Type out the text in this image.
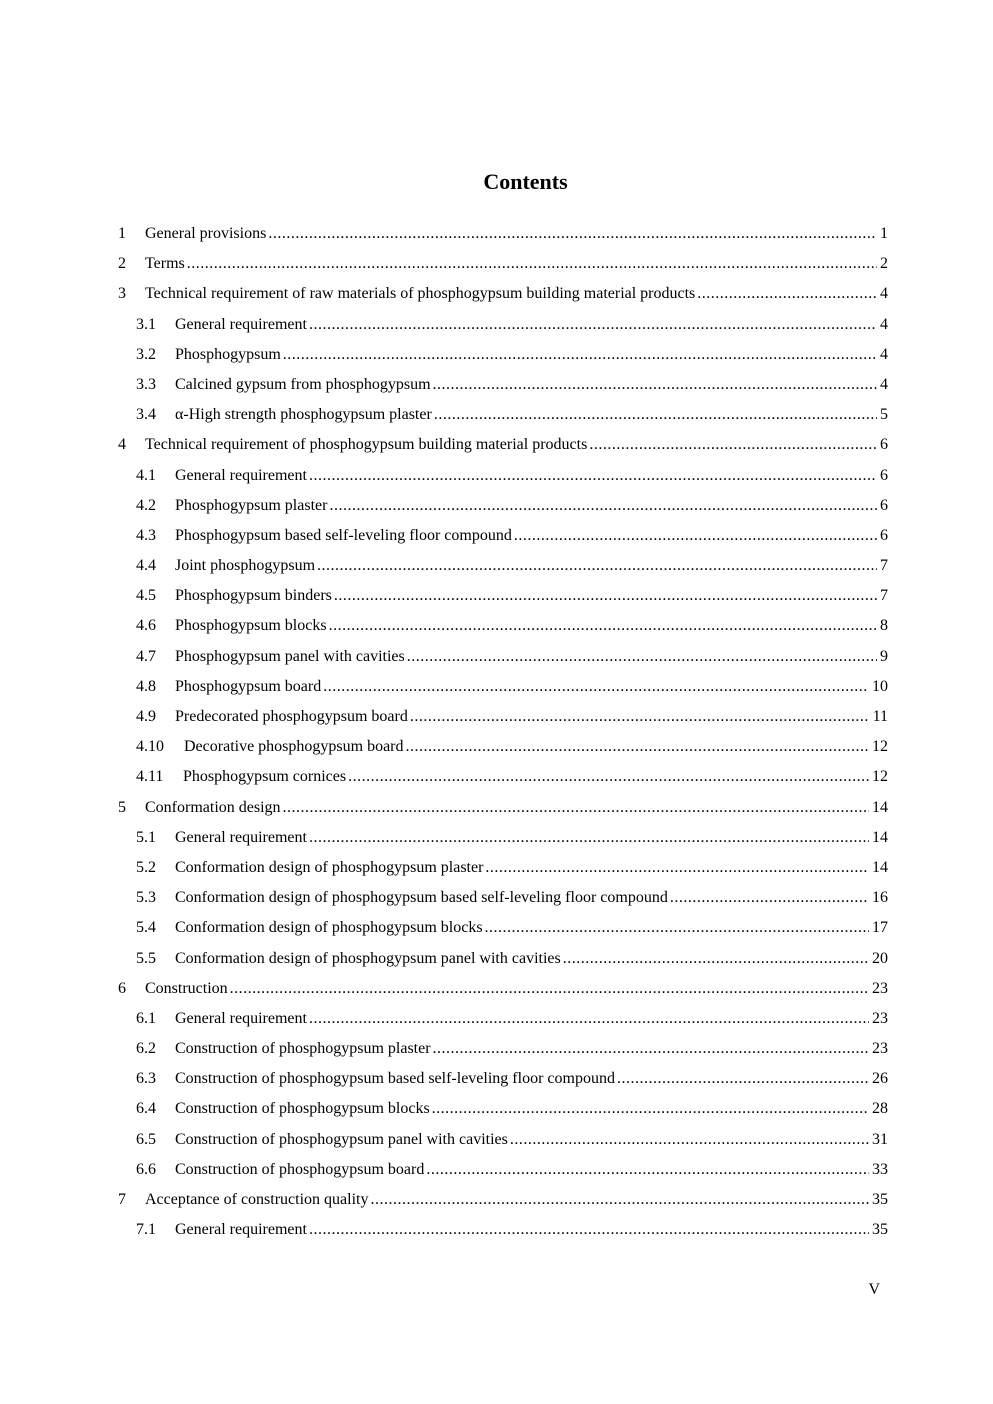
Contents
1 General provisions .....	1
2 Terms .....	2
3 Technical requirement of raw materials of phosphogypsum building material products .....	4
3.1 General requirement .....	4
3.2 Phosphogypsum .....	4
3.3 Calcined gypsum from phosphogypsum .....	4
3.4 α-High strength phosphogypsum plaster .....	5
4 Technical requirement of phosphogypsum building material products .....	6
4.1 General requirement .....	6
4.2 Phosphogypsum plaster .....	6
4.3 Phosphogypsum based self-leveling floor compound .....	6
4.4 Joint phosphogypsum .....	7
4.5 Phosphogypsum binders .....	7
4.6 Phosphogypsum blocks .....	8
4.7 Phosphogypsum panel with cavities .....	9
4.8 Phosphogypsum board .....	10
4.9 Predecorated phosphogypsum board .....	11
4.10 Decorative phosphogypsum board .....	12
4.11 Phosphogypsum cornices .....	12
5 Conformation design .....	14
5.1 General requirement .....	14
5.2 Conformation design of phosphogypsum plaster .....	14
5.3 Conformation design of phosphogypsum based self-leveling floor compound .....	16
5.4 Conformation design of phosphogypsum blocks .....	17
5.5 Conformation design of phosphogypsum panel with cavities .....	20
6 Construction .....	23
6.1 General requirement .....	23
6.2 Construction of phosphogypsum plaster .....	23
6.3 Construction of phosphogypsum based self-leveling floor compound .....	26
6.4 Construction of phosphogypsum blocks .....	28
6.5 Construction of phosphogypsum panel with cavities .....	31
6.6 Construction of phosphogypsum board .....	33
7 Acceptance of construction quality .....	35
7.1 General requirement .....	35
V
